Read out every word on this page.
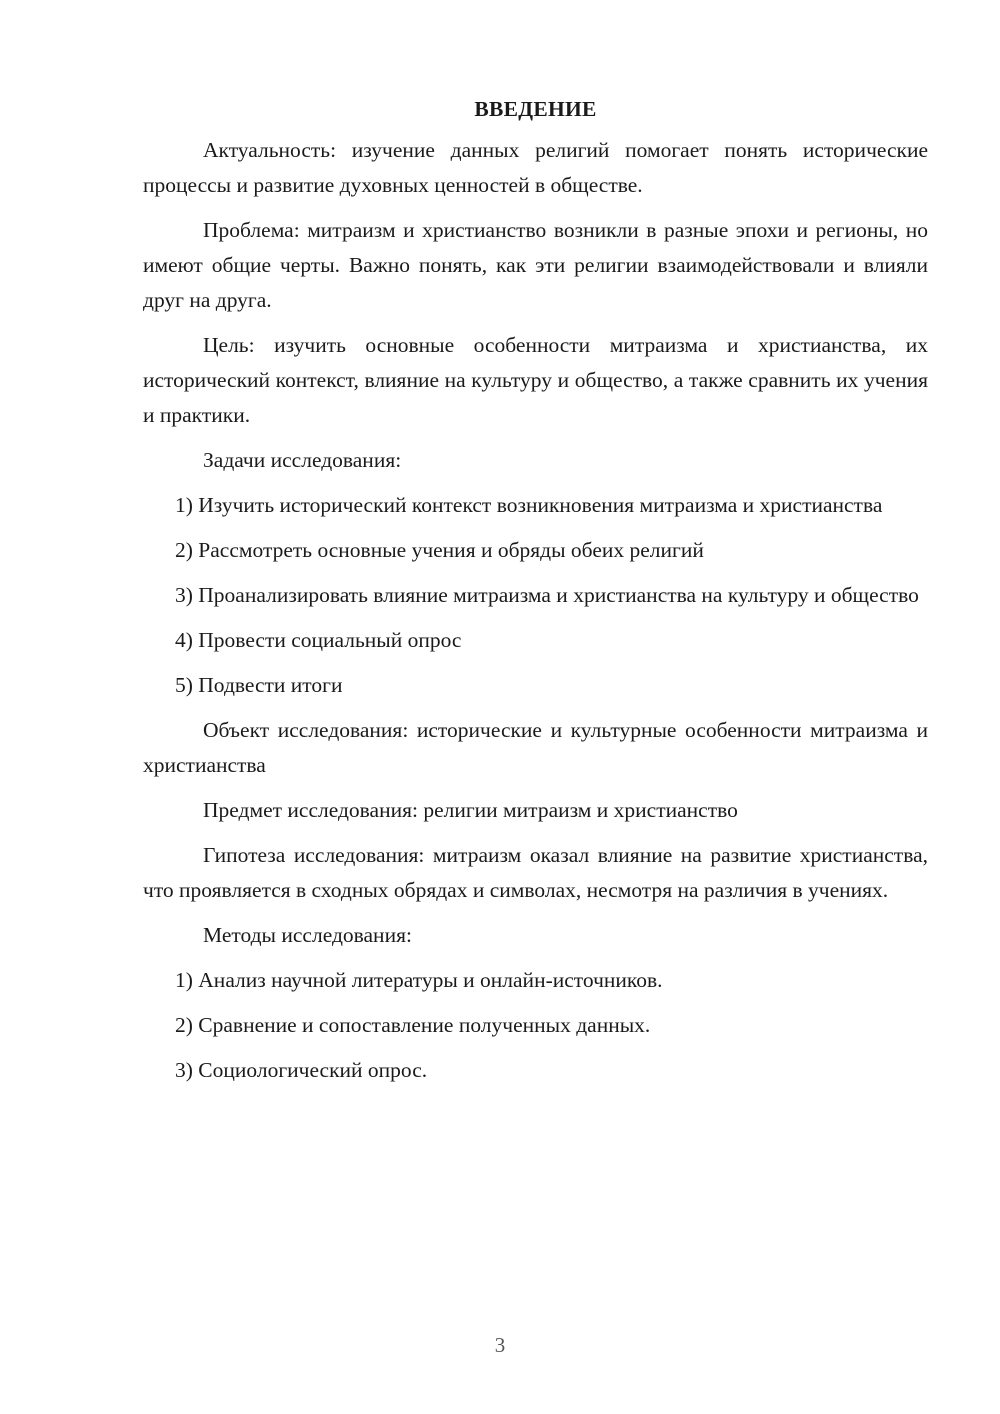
ВВЕДЕНИЕ

Актуальность: изучение данных религий помогает понять исторические процессы и развитие духовных ценностей в обществе.

Проблема: митраизм и христианство возникли в разные эпохи и регионы, но имеют общие черты. Важно понять, как эти религии взаимодействовали и влияли друг на друга.

Цель: изучить основные особенности митраизма и христианства, их исторический контекст, влияние на культуру и общество, а также сравнить их учения и практики.

Задачи исследования:

1) Изучить исторический контекст возникновения митраизма и христианства

2) Рассмотреть основные учения и обряды обеих религий

3) Проанализировать влияние митраизма и христианства на культуру и общество

4) Провести социальный опрос

5) Подвести итоги

Объект исследования: исторические и культурные особенности митраизма и христианства

Предмет исследования: религии митраизм и христианство

Гипотеза исследования: митраизм оказал влияние на развитие христианства, что проявляется в сходных обрядах и символах, несмотря на различия в учениях.

Методы исследования:

1) Анализ научной литературы и онлайн-источников.

2) Сравнение и сопоставление полученных данных.

3) Социологический опрос.

3
